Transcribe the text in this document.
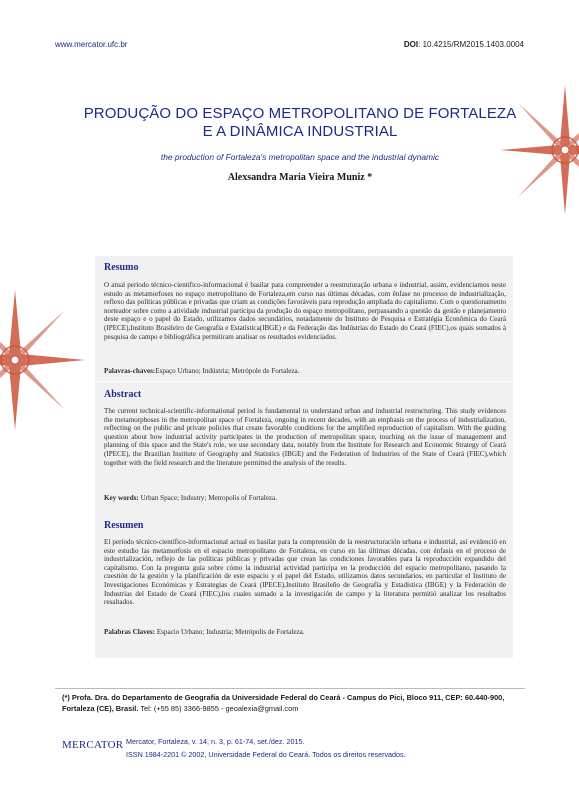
www.mercator.ufc.br	DOI: 10.4215/RM2015.1403.0004
PRODUÇÃO DO ESPAÇO METROPOLITANO DE FORTALEZA
E A DINÂMICA INDUSTRIAL
the production of Fortaleza's metropolitan space and the industrial dynamic
Alexsandra Maria Vieira Muniz *
Resumo
O atual período técnico-científico-informacional é basilar para compreender a reestruturação urbana e industrial, assim, evidenciamos neste estudo as metamorfoses no espaço metropolitano de Fortaleza,em curso nas últimas décadas, com ênfase no processo de industrialização, reflexo das políticas públicas e privadas que criam as condições favoráveis para reprodução ampliada do capitalismo. Com o questionamento norteador sobre como a atividade industrial participa da produção do espaço metropolitano, perpassando a questão da gestão e planejamento deste espaço e o papel do Estado, utilizamos dados secundários, notadamente do Instituto de Pesquisa e Estratégia Econômica do Ceará (IPECE),Instituto Brasileiro de Geografia e Estatística(IBGE) e da Federação das Indústrias do Estado do Ceará (FIEC),os quais somados à pesquisa de campo e bibliográfica permitiram analisar os resultados evidenciados.
Palavras-chaves:Espaço Urbano; Indústria; Metrópole de Fortaleza.
Abstract
The current technical-scientific-informational period is fundamental to understand urban and industrial restructuring. This study evidences the metamorphoses in the metropolitan space of Fortaleza, ongoing in recent decades, with an emphasis on the process of industrialization, reflecting on the public and private policies that create favorable conditions for the amplified reproduction of capitalism. With the guiding question about how industrial activity participates in the production of metropolitan space, touching on the issue of management and planning of this space and the State's role, we use secondary data, notably from the Institute for Research and Economic Strategy of Ceará (IPECE), the Brazilian Institute of Geography and Statistics (IBGE) and the Federation of Industries of the State of Ceará (FIEC),which together with the field research and the literature permitted the analysis of the results.
Key words: Urban Space; Industry; Metropolis of Fortaleza.
Resumen
El período técnico-científico-informacional actual es basilar para la comprensión de la reestructuración urbana e industrial, así evidenció en este estudio las metamorfosis en el espacio metropolitano de Fortaleza, en curso en las últimas décadas, con énfasis en el proceso de industrialización, reflejo de las políticas públicas y privadas que crean las condiciones favorables para la reproducción expandido del capitalismo. Con la pregunta guía sobre cómo la industrial actividad participa en la producción del espacio metropolitano, pasando la cuestión de la gestión y la planificación de este espacio y el papel del Estado, utilizamos datos secundarios, en particular el Instituto de Investigaciones Económicas y Estrategias de Ceará (IPECE),Instituto Brasileño de Geografía y Estadística (IBGE) y la Federación de Industrias del Estado de Ceará (FIEC),los cuales sumado a la investigación de campo y la literatura permitió analizar los resultados resaltados.
Palabras Claves: Espacio Urbano; Industria; Metrópolis de Fortaleza.
(*) Profa. Dra. do Departamento de Geografia da Universidade Federal do Ceará - Campus do Pici, Bloco 911, CEP: 60.440-900, Fortaleza (CE), Brasil. Tel: (+55 85) 3366-9855 - geoalexia@gmail.com
MERCATOR Mercator, Fortaleza, v. 14, n. 3, p. 61-74, set./dez. 2015.
ISSN 1984-2201 © 2002, Universidade Federal do Ceará. Todos os direitos reservados.
